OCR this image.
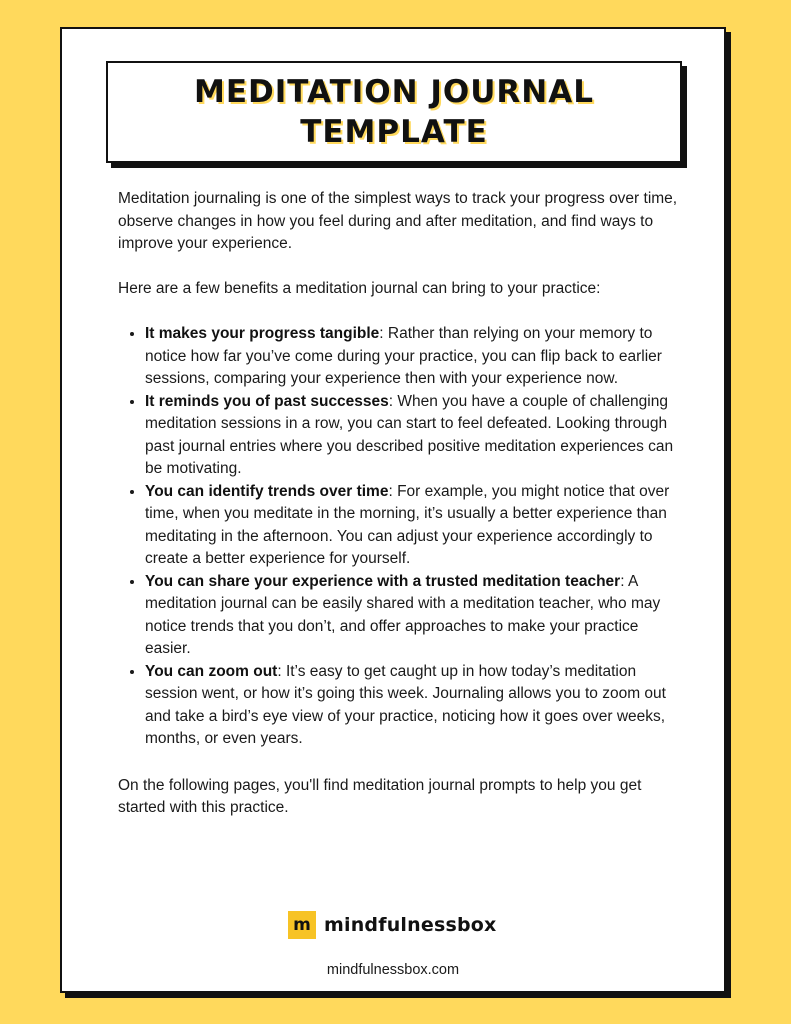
MEDITATION JOURNAL
TEMPLATE

Meditation journaling is one of the simplest ways to track your progress over time, observe changes in how you feel during and after meditation, and find ways to improve your experience.

Here are a few benefits a meditation journal can bring to your practice:

• It makes your progress tangible: Rather than relying on your memory to notice how far you’ve come during your practice, you can flip back to earlier sessions, comparing your experience then with your experience now.
• It reminds you of past successes: When you have a couple of challenging meditation sessions in a row, you can start to feel defeated. Looking through past journal entries where you described positive meditation experiences can be motivating.
• You can identify trends over time: For example, you might notice that over time, when you meditate in the morning, it’s usually a better experience than meditating in the afternoon. You can adjust your experience accordingly to create a better experience for yourself.
• You can share your experience with a trusted meditation teacher: A meditation journal can be easily shared with a meditation teacher, who may notice trends that you don’t, and offer approaches to make your practice easier.
• You can zoom out: It’s easy to get caught up in how today’s meditation session went, or how it’s going this week. Journaling allows you to zoom out and take a bird’s eye view of your practice, noticing how it goes over weeks, months, or even years.

On the following pages, you'll find meditation journal prompts to help you get started with this practice.

m mindfulnessbox
mindfulnessbox.com
